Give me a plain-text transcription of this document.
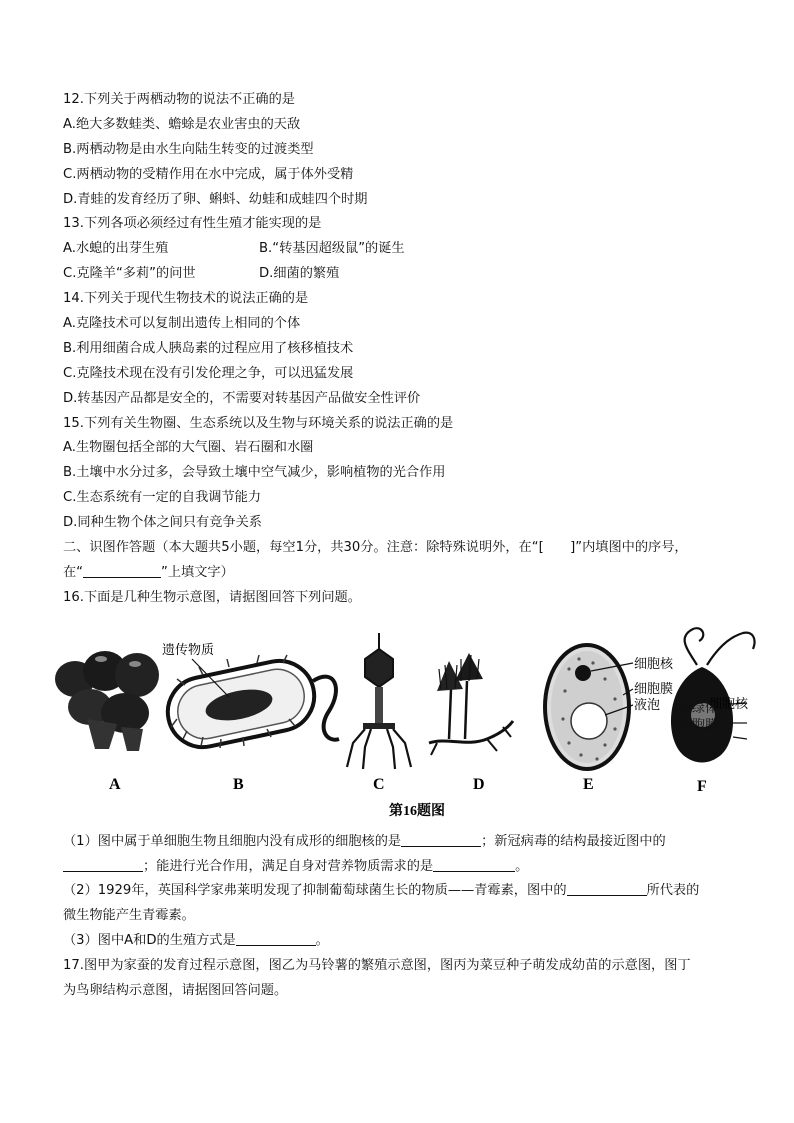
12.下列关于两栖动物的说法不正确的是
A.绝大多数蛙类、蟾蜍是农业害虫的天敌
B.两栖动物是由水生向陆生转变的过渡类型
C.两栖动物的受精作用在水中完成，属于体外受精
D.青蛙的发育经历了卵、蝌蚪、幼蛙和成蛙四个时期
13.下列各项必须经过有性生殖才能实现的是
A.水螅的出芽生殖	B.“转基因超级鼠”的诞生
C.克隆羊“多莉”的问世	D.细菌的繁殖
14.下列关于现代生物技术的说法正确的是
A.克隆技术可以复制出遗传上相同的个体
B.利用细菌合成人胰岛素的过程应用了核移植技术
C.克隆技术现在没有引发伦理之争，可以迅猛发展
D.转基因产品都是安全的，不需要对转基因产品做安全性评价
15.下列有关生物圈、生态系统以及生物与环境关系的说法正确的是
A.生物圈包括全部的大气圈、岩石圈和水圈
B.土壤中水分过多，会导致土壤中空气减少，影响植物的光合作用
C.生态系统有一定的自我调节能力
D.同种生物个体之间只有竞争关系
二、识图作答题（本大题共5小题，每空1分，共30分。注意：除特殊说明外，在“[　　]”内填图中的序号，
在“	”上填文字）
16.下面是几种生物示意图，请据图回答下列问题。
遗传物质
细胞核
细胞膜
液泡	细胞核
A	B	C	D	E	F
第16题图
叶绿体
细胞膜
（1）图中属于单细胞生物且细胞内没有成形的细胞核的是	；新冠病毒的结构最接近图中的
；能进行光合作用，满足自身对营养物质需求的是	。
（2）1929年，英国科学家弗莱明发现了抑制葡萄球菌生长的物质——青霉素，图中的	所代表的
微生物能产生青霉素。
（3）图中A和D的生殖方式是	。
17.图甲为家蚕的发育过程示意图，图乙为马铃薯的繁殖示意图，图丙为菜豆种子萌发成幼苗的示意图，图丁
为鸟卵结构示意图，请据图回答问题。
